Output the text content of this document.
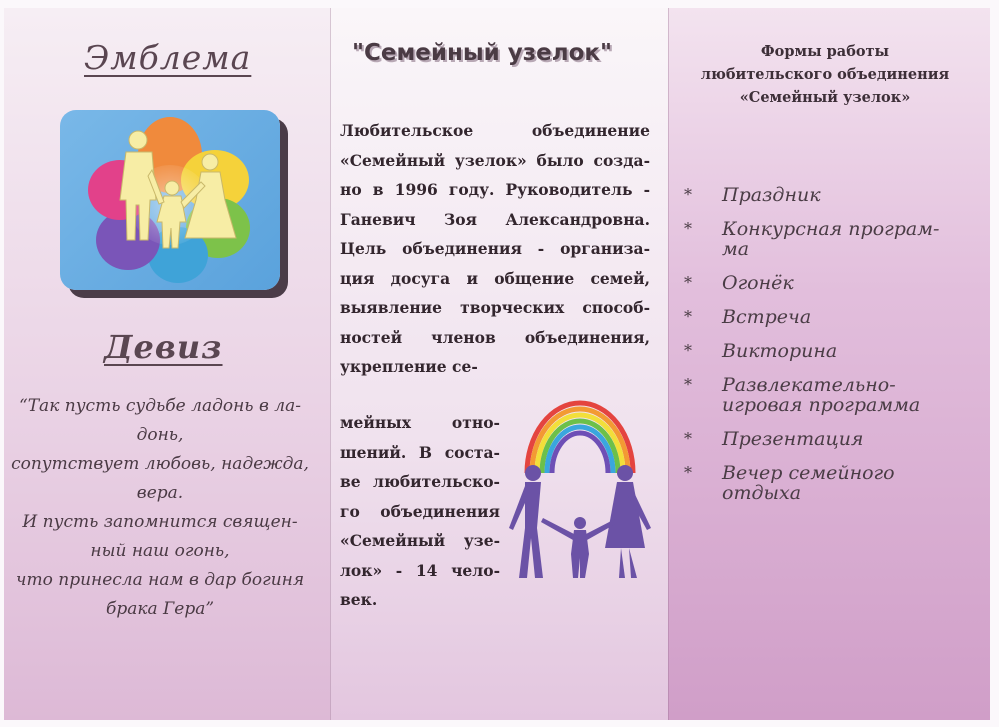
Эмблема
Девиз
“Так пусть судьбе ладонь в ла-
донь,
сопутствует любовь, надежда,
вера.
И пусть запомнится священ-
ный наш огонь,
что принесла нам в дар богиня
брака Гера”
"Семейный узелок"
Любительское объединение
«Семейный узелок» было созда-
но в 1996 году. Руководитель -
Ганевич Зоя Александровна.
Цель объединения - организа-
ция досуга и общение семей,
выявление творческих способ-
ностей членов объединения,
укрепление се-
мейных отно-
шений. В соста-
ве любительско-
го объединения
«Семейный узе-
лок» - 14 чело-
век.
Формы работы
любительского объединения
«Семейный узелок»
* Праздник
* Конкурсная програм-
ма
* Огонёк
* Встреча
* Викторина
* Развлекательно-
игровая программа
* Презентация
* Вечер семейного
отдыха
